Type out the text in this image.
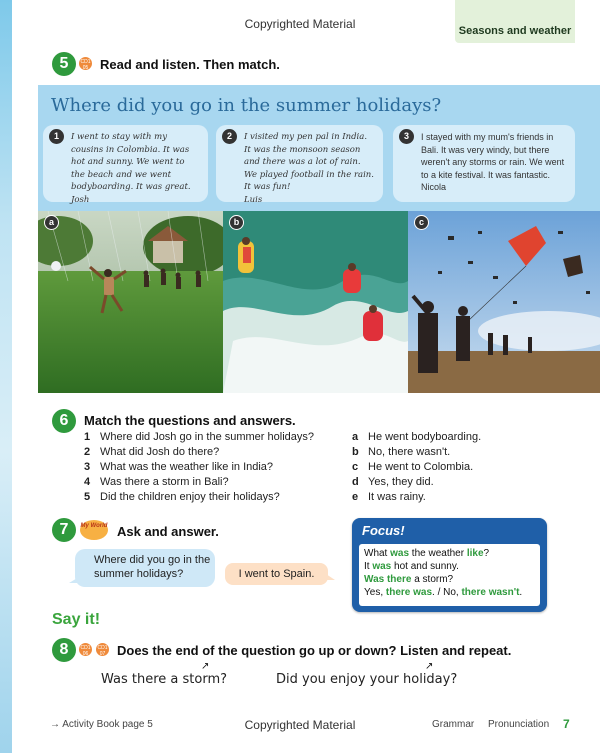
Copyrighted Material	Seasons and weather
5	CD1 05 Read and listen. Then match.
Where did you go in the summer holidays?
1	I went to stay with my cousins in Colombia. It was hot and sunny. We went to the beach and we went bodyboarding. It was great.
Josh
2	I visited my pen pal in India. It was the monsoon season and there was a lot of rain. We played football in the rain. It was fun!
Luis
3	I stayed with my mum's friends in Bali. It was very windy, but there weren't any storms or rain. We went to a kite festival. It was fantastic.
Nicola
a	b	c
6	Match the questions and answers.
1 Where did Josh go in the summer holidays?
2 What did Josh do there?
3 What was the weather like in India?
4 Was there a storm in Bali?
5 Did the children enjoy their holidays?
a He went bodyboarding.
b No, there wasn't.
c He went to Colombia.
d Yes, they did.
e It was rainy.
7	My World Ask and answer.
Where did you go in the summer holidays?	I went to Spain.
Focus!
What was the weather like?
It was hot and sunny.
Was there a storm?
Yes, there was. / No, there wasn't.
Say it!
8	CD1 06
CD1 07 Does the end of the question go up or down? Listen and repeat.
↗
Was there a storm?
↗
Did you enjoy your holiday?
→ Activity Book page 5	Copyrighted Material	Grammar Pronunciation 7
